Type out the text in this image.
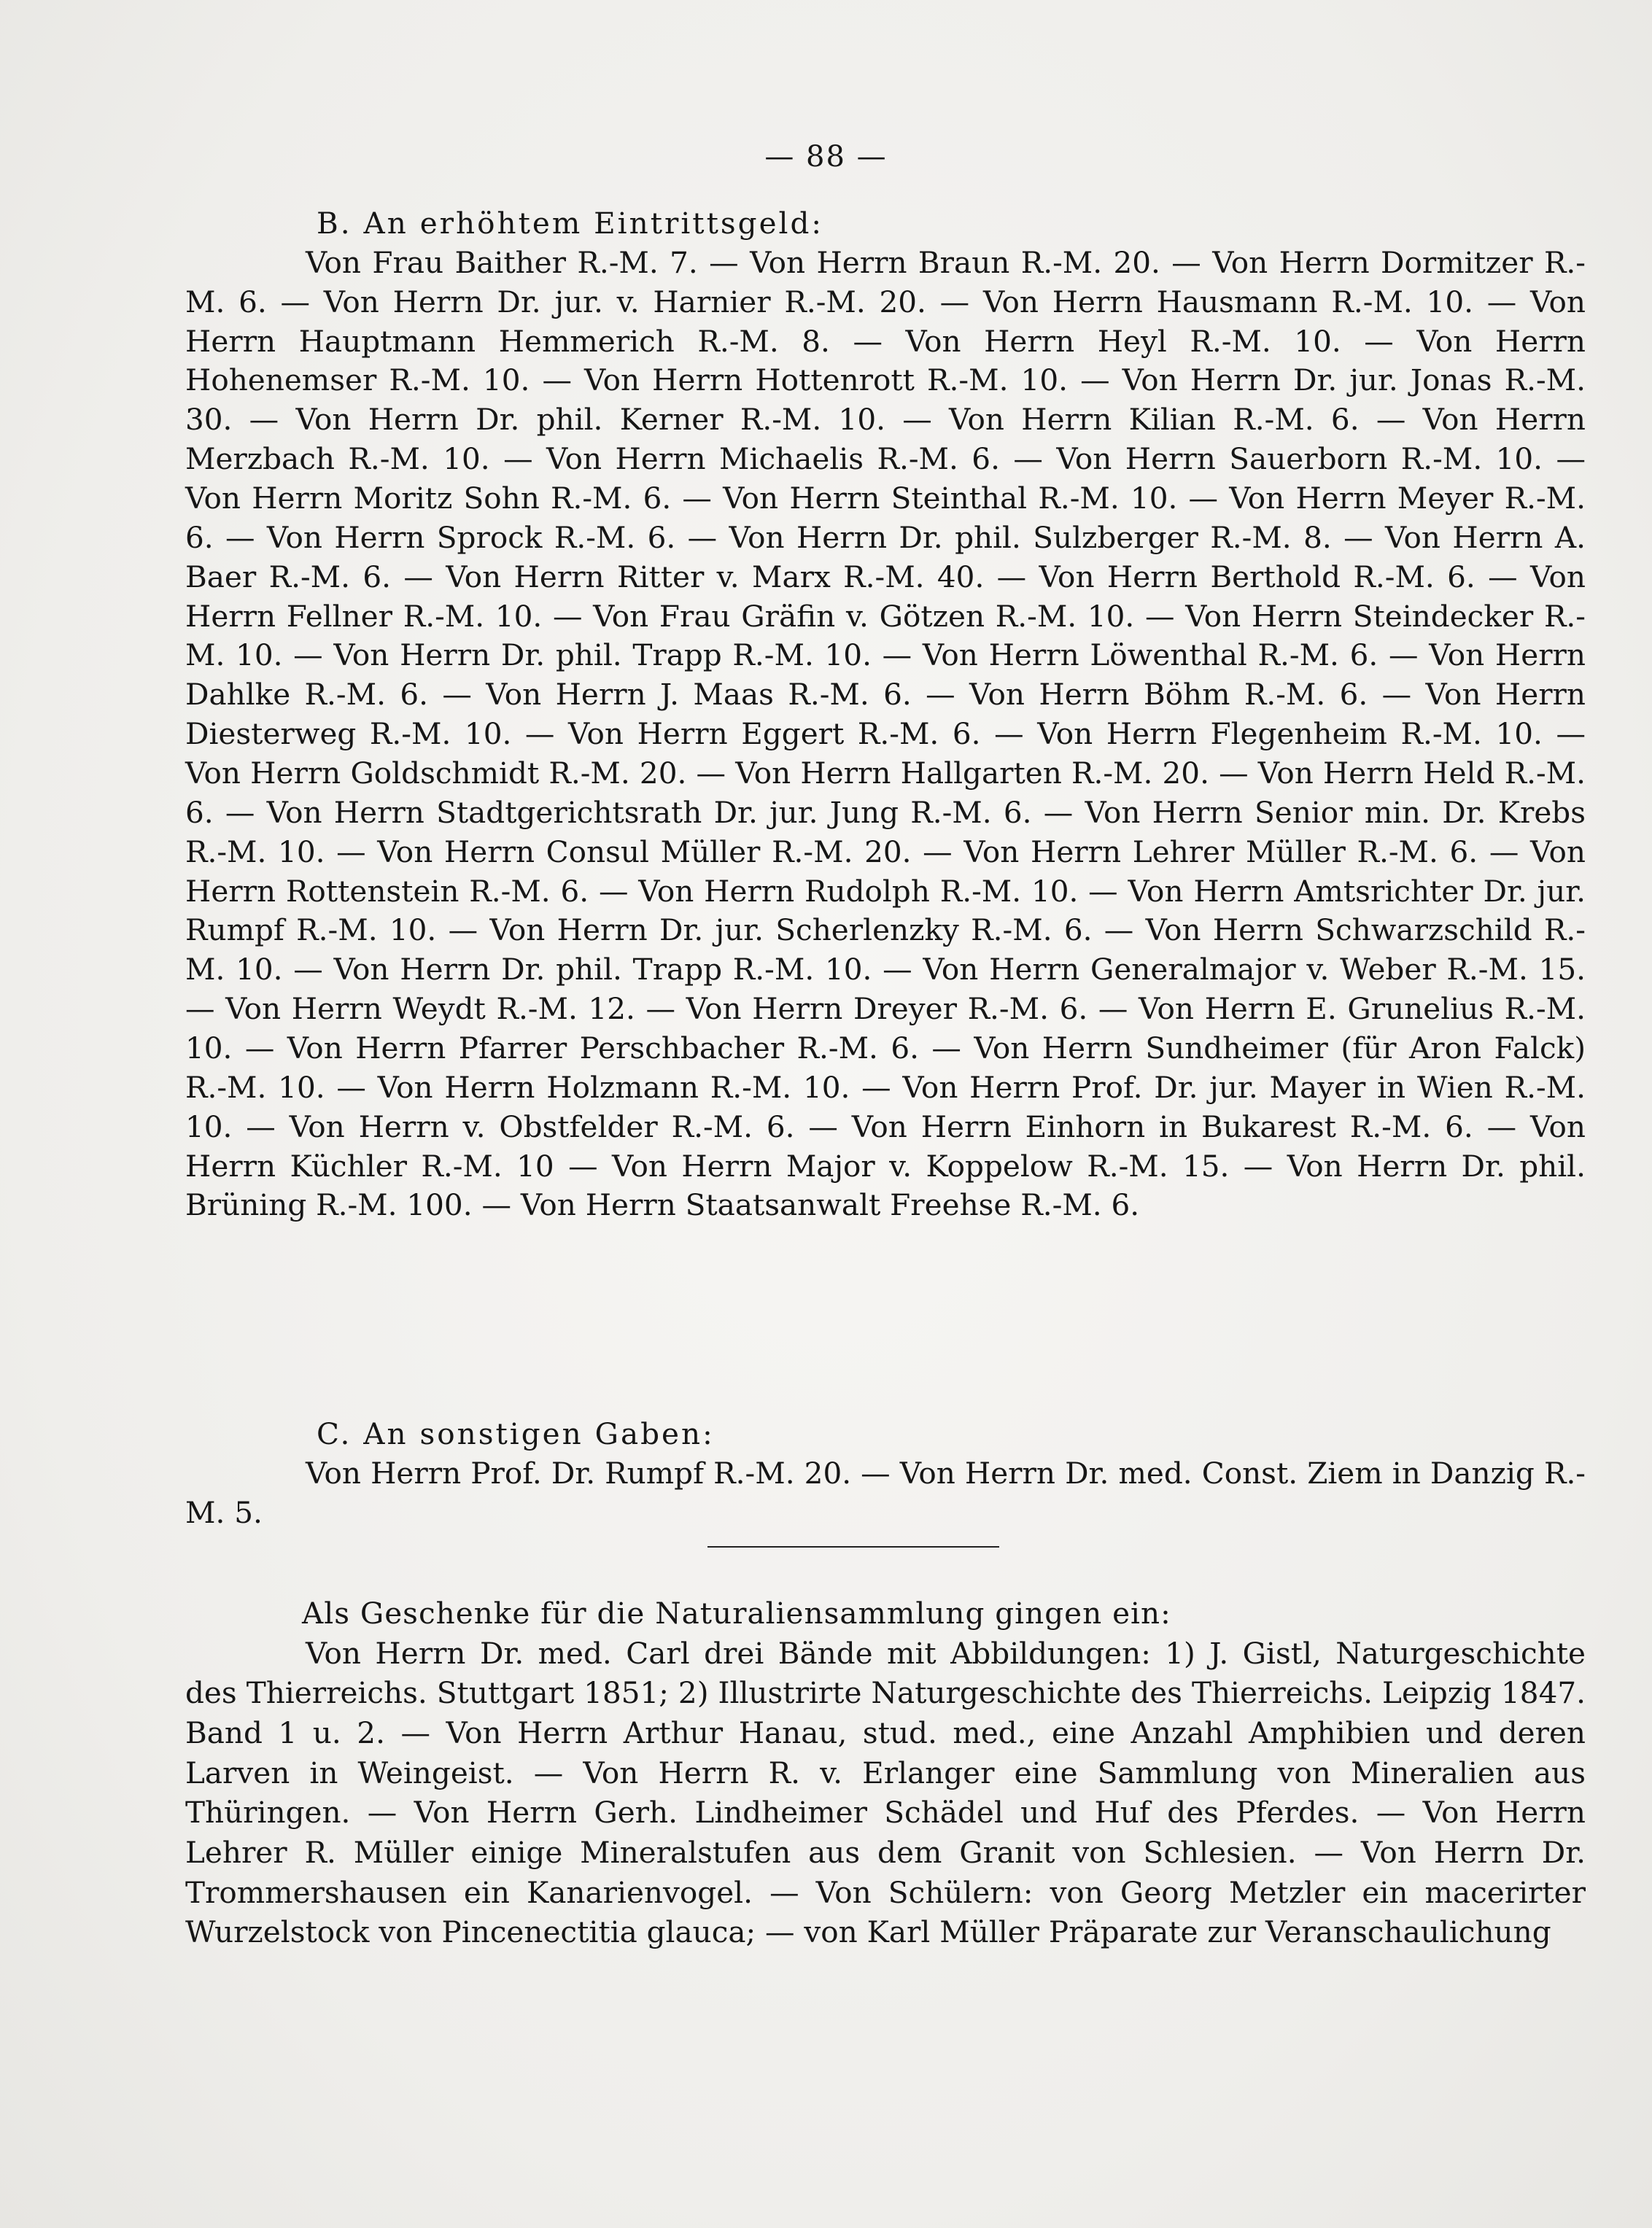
— 88 —
B. An erhöhtem Eintrittsgeld:
Von Frau Baither R.-M. 7. — Von Herrn Braun R.-M. 20. — Von Herrn Dormitzer R.-M. 6. — Von Herrn Dr. jur. v. Harnier R.-M. 20. — Von Herrn Hausmann R.-M. 10. — Von Herrn Hauptmann Hemmerich R.-M. 8. — Von Herrn Heyl R.-M. 10. — Von Herrn Hohenemser R.-M. 10. — Von Herrn Hottenrott R.-M. 10. — Von Herrn Dr. jur. Jonas R.-M. 30. — Von Herrn Dr. phil. Kerner R.-M. 10. — Von Herrn Kilian R.-M. 6. — Von Herrn Merzbach R.-M. 10. — Von Herrn Michaelis R.-M. 6. — Von Herrn Sauerborn R.-M. 10. — Von Herrn Moritz Sohn R.-M. 6. — Von Herrn Steinthal R.-M. 10. — Von Herrn Meyer R.-M. 6. — Von Herrn Sprock R.-M. 6. — Von Herrn Dr. phil. Sulzberger R.-M. 8. — Von Herrn A. Baer R.-M. 6. — Von Herrn Ritter v. Marx R.-M. 40. — Von Herrn Berthold R.-M. 6. — Von Herrn Fellner R.-M. 10. — Von Frau Gräfin v. Götzen R.-M. 10. — Von Herrn Steindecker R.-M. 10. — Von Herrn Dr. phil. Trapp R.-M. 10. — Von Herrn Löwenthal R.-M. 6. — Von Herrn Dahlke R.-M. 6. — Von Herrn J. Maas R.-M. 6. — Von Herrn Böhm R.-M. 6. — Von Herrn Diesterweg R.-M. 10. — Von Herrn Eggert R.-M. 6. — Von Herrn Flegenheim R.-M. 10. — Von Herrn Goldschmidt R.-M. 20. — Von Herrn Hallgarten R.-M. 20. — Von Herrn Held R.-M. 6. — Von Herrn Stadtgerichtsrath Dr. jur. Jung R.-M. 6. — Von Herrn Senior min. Dr. Krebs R.-M. 10. — Von Herrn Consul Müller R.-M. 20. — Von Herrn Lehrer Müller R.-M. 6. — Von Herrn Rottenstein R.-M. 6. — Von Herrn Rudolph R.-M. 10. — Von Herrn Amtsrichter Dr. jur. Rumpf R.-M. 10. — Von Herrn Dr. jur. Scherlenzky R.-M. 6. — Von Herrn Schwarzschild R.-M. 10. — Von Herrn Dr. phil. Trapp R.-M. 10. — Von Herrn Generalmajor v. Weber R.-M. 15. — Von Herrn Weydt R.-M. 12. — Von Herrn Dreyer R.-M. 6. — Von Herrn E. Grunelius R.-M. 10. — Von Herrn Pfarrer Perschbacher R.-M. 6. — Von Herrn Sundheimer (für Aron Falck) R.-M. 10. — Von Herrn Holzmann R.-M. 10. — Von Herrn Prof. Dr. jur. Mayer in Wien R.-M. 10. — Von Herrn v. Obstfelder R.-M. 6. — Von Herrn Einhorn in Bukarest R.-M. 6. — Von Herrn Küchler R.-M. 10 — Von Herrn Major v. Koppelow R.-M. 15. — Von Herrn Dr. phil. Brüning R.-M. 100. — Von Herrn Staatsanwalt Freehse R.-M. 6.
C. An sonstigen Gaben:
Von Herrn Prof. Dr. Rumpf R.-M. 20. — Von Herrn Dr. med. Const. Ziem in Danzig R.-M. 5.
Als Geschenke für die Naturaliensammlung gingen ein:
Von Herrn Dr. med. Carl drei Bände mit Abbildungen: 1) J. Gistl, Naturgeschichte des Thierreichs. Stuttgart 1851; 2) Illustrirte Naturgeschichte des Thierreichs. Leipzig 1847. Band 1 u. 2. — Von Herrn Arthur Hanau, stud. med., eine Anzahl Amphibien und deren Larven in Weingeist. — Von Herrn R. v. Erlanger eine Sammlung von Mineralien aus Thüringen. — Von Herrn Gerh. Lindheimer Schädel und Huf des Pferdes. — Von Herrn Lehrer R. Müller einige Mineralstufen aus dem Granit von Schlesien. — Von Herrn Dr. Trommershausen ein Kanarienvogel. — Von Schülern: von Georg Metzler ein macerirter Wurzelstock von Pincenectitia glauca; — von Karl Müller Präparate zur Veranschaulichung
